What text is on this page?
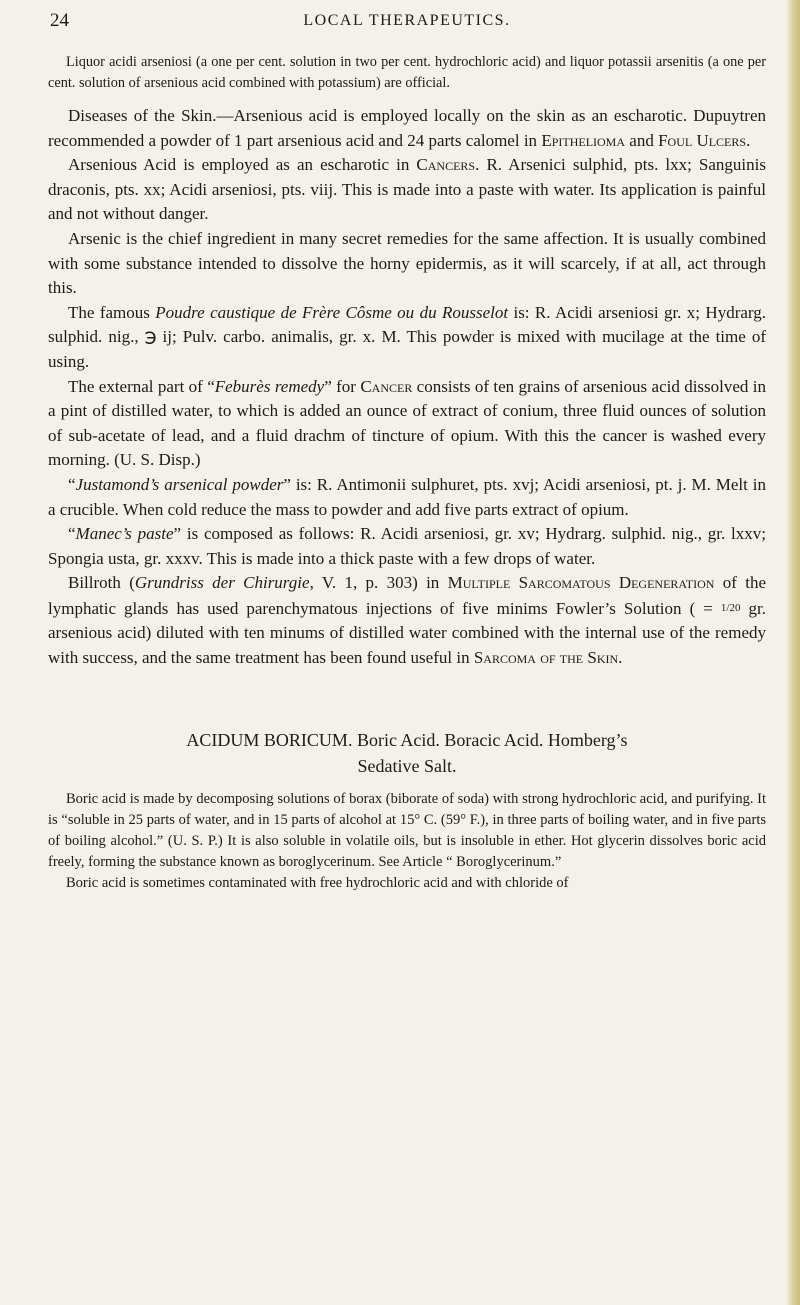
24	LOCAL THERAPEUTICS.

Liquor acidi arseniosi (a one per cent. solution in two per cent. hydrochloric acid) and liquor potassii arsenitis (a one per cent. solution of arsenious acid combined with potassium) are official.

Diseases of the Skin.—Arsenious acid is employed locally on the skin as an escharotic. Dupuytren recommended a powder of 1 part arsenious acid and 24 parts calomel in Epithelioma and Foul Ulcers.

Arsenious Acid is employed as an escharotic in Cancers. R. Arsenici sulphid, pts. lxx; Sanguinis draconis, pts. xx; Acidi arseniosi, pts. viij. This is made into a paste with water. Its application is painful and not without danger.

Arsenic is the chief ingredient in many secret remedies for the same affection. It is usually combined with some substance intended to dissolve the horny epidermis, as it will scarcely, if at all, act through this.

The famous Poudre caustique de Frère Côsme ou du Rousselot is: R. Acidi arseniosi gr. x; Hydrarg. sulphid. nig., ℈ ij; Pulv. carbo. animalis, gr. x. M. This powder is mixed with mucilage at the time of using.

The external part of “Feburès remedy” for Cancer consists of ten grains of arsenious acid dissolved in a pint of distilled water, to which is added an ounce of extract of conium, three fluid ounces of solution of sub-acetate of lead, and a fluid drachm of tincture of opium. With this the cancer is washed every morning. (U. S. Disp.)

“Justamond’s arsenical powder” is: R. Antimonii sulphuret, pts. xvj; Acidi arseniosi, pt. j. M. Melt in a crucible. When cold reduce the mass to powder and add five parts extract of opium.

“Manec’s paste” is composed as follows: R. Acidi arseniosi, gr. xv; Hydrarg. sulphid. nig., gr. lxxv; Spongia usta, gr. xxxv. This is made into a thick paste with a few drops of water.

Billroth (Grundriss der Chirurgie, V. 1, p. 303) in Multiple Sarcomatous Degeneration of the lymphatic glands has used parenchymatous injections of five minims Fowler’s Solution ( = 1/20 gr. arsenious acid) diluted with ten minums of distilled water combined with the internal use of the remedy with success, and the same treatment has been found useful in Sarcoma of the Skin.

ACIDUM BORICUM. Boric Acid. Boracic Acid. Homberg’s

Sedative Salt.

Boric acid is made by decomposing solutions of borax (biborate of soda) with strong hydrochloric acid, and purifying. It is “soluble in 25 parts of water, and in 15 parts of alcohol at 15° C. (59° F.), in three parts of boiling water, and in five parts of boiling alcohol.” (U. S. P.) It is also soluble in volatile oils, but is insoluble in ether. Hot glycerin dissolves boric acid freely, forming the substance known as boroglycerinum. See Article “ Boroglycerinum.”

Boric acid is sometimes contaminated with free hydrochloric acid and with chloride of
